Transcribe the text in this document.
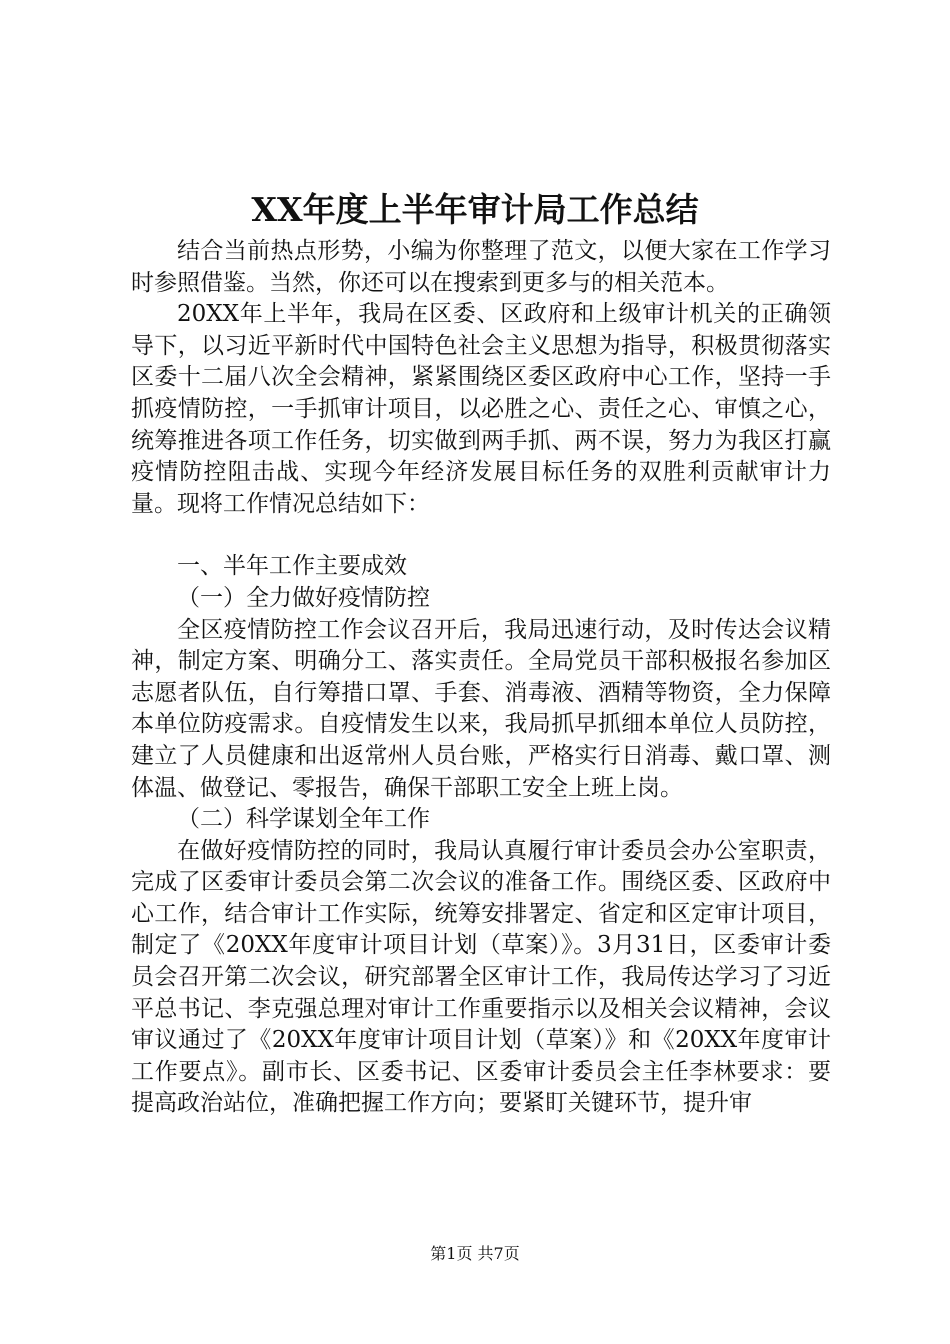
XX年度上半年审计局工作总结

结合当前热点形势，小编为你整理了范文，以便大家在工作学习时参照借鉴。当然，你还可以在搜索到更多与的相关范本。

20XX年上半年，我局在区委、区政府和上级审计机关的正确领导下，以习近平新时代中国特色社会主义思想为指导，积极贯彻落实区委十二届八次全会精神，紧紧围绕区委区政府中心工作，坚持一手抓疫情防控，一手抓审计项目，以必胜之心、责任之心、审慎之心，统筹推进各项工作任务，切实做到两手抓、两不误，努力为我区打赢疫情防控阻击战、实现今年经济发展目标任务的双胜利贡献审计力量。现将工作情况总结如下：

一、半年工作主要成效

（一）全力做好疫情防控

全区疫情防控工作会议召开后，我局迅速行动，及时传达会议精神，制定方案、明确分工、落实责任。全局党员干部积极报名参加区志愿者队伍，自行筹措口罩、手套、消毒液、酒精等物资，全力保障本单位防疫需求。自疫情发生以来，我局抓早抓细本单位人员防控，建立了人员健康和出返常州人员台账，严格实行日消毒、戴口罩、测体温、做登记、零报告，确保干部职工安全上班上岗。

（二）科学谋划全年工作

在做好疫情防控的同时，我局认真履行审计委员会办公室职责，完成了区委审计委员会第二次会议的准备工作。围绕区委、区政府中心工作，结合审计工作实际，统筹安排署定、省定和区定审计项目，制定了《20XX年度审计项目计划（草案）》。3月31日，区委审计委员会召开第二次会议，研究部署全区审计工作，我局传达学习了习近平总书记、李克强总理对审计工作重要指示以及相关会议精神，会议审议通过了《20XX年度审计项目计划（草案）》和《20XX年度审计工作要点》。副市长、区委书记、区委审计委员会主任李林要求：要提高政治站位，准确把握工作方向；要紧盯关键环节，提升审

第1页 共7页
